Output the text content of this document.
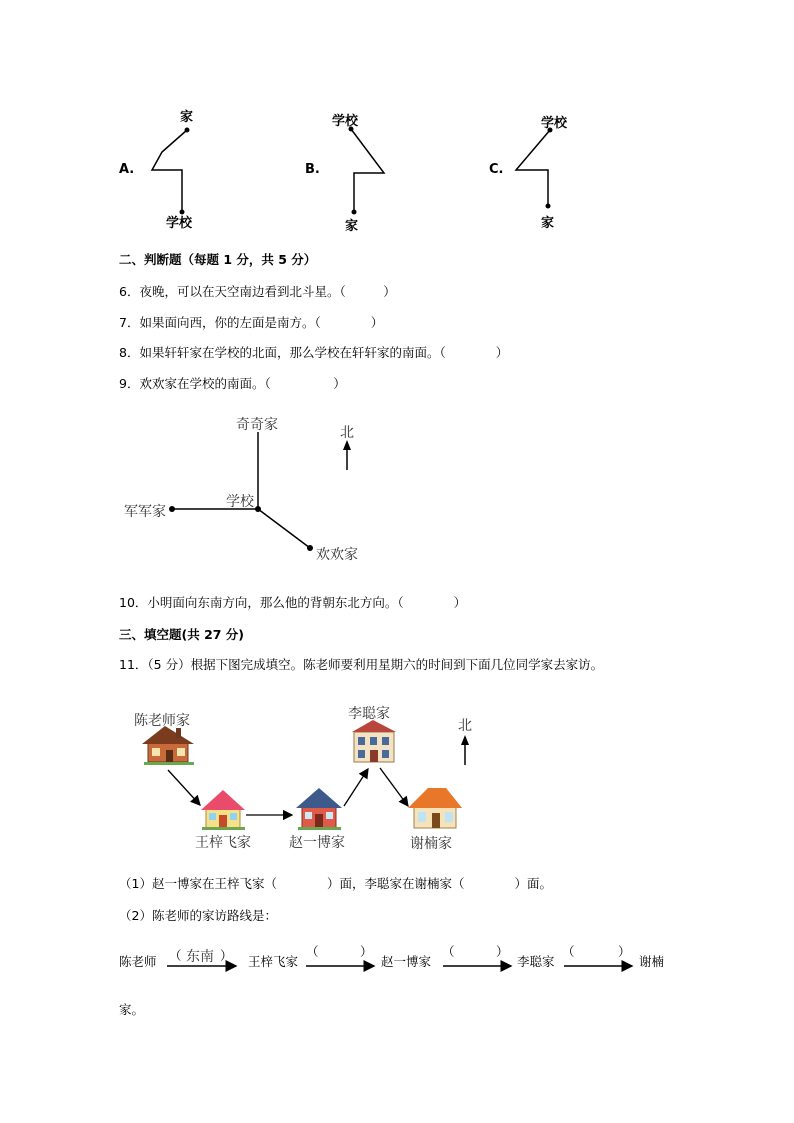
家
A.
学校
学校
B.
家
学校
C.
家
二、判断题（每题 1 分，共 5 分）
6．夜晚，可以在天空南边看到北斗星。（　　　）
7．如果面向西，你的左面是南方。（　　　　）
8．如果轩轩家在学校的北面，那么学校在轩轩家的南面。（　　　　）
9．欢欢家在学校的南面。（　　　　　）
奇奇家	北
学校
军军家
欢欢家
10．小明面向东南方向，那么他的背朝东北方向。（　　　　）
三、填空题(共 27 分)
11．（5 分）根据下图完成填空。陈老师要利用星期六的时间到下面几位同学家去家访。
陈老师家
王梓飞家	赵一博家
李聪家
谢楠家
北
（1）赵一博家在王梓飞家（　　　　）面，李聪家在谢楠家（　　　　）面。
（2）陈老师的家访路线是：
陈老师 （ 东南 ） 王梓飞家
（	）
赵一博家
（	）
李聪家
（	）
谢楠
家。
